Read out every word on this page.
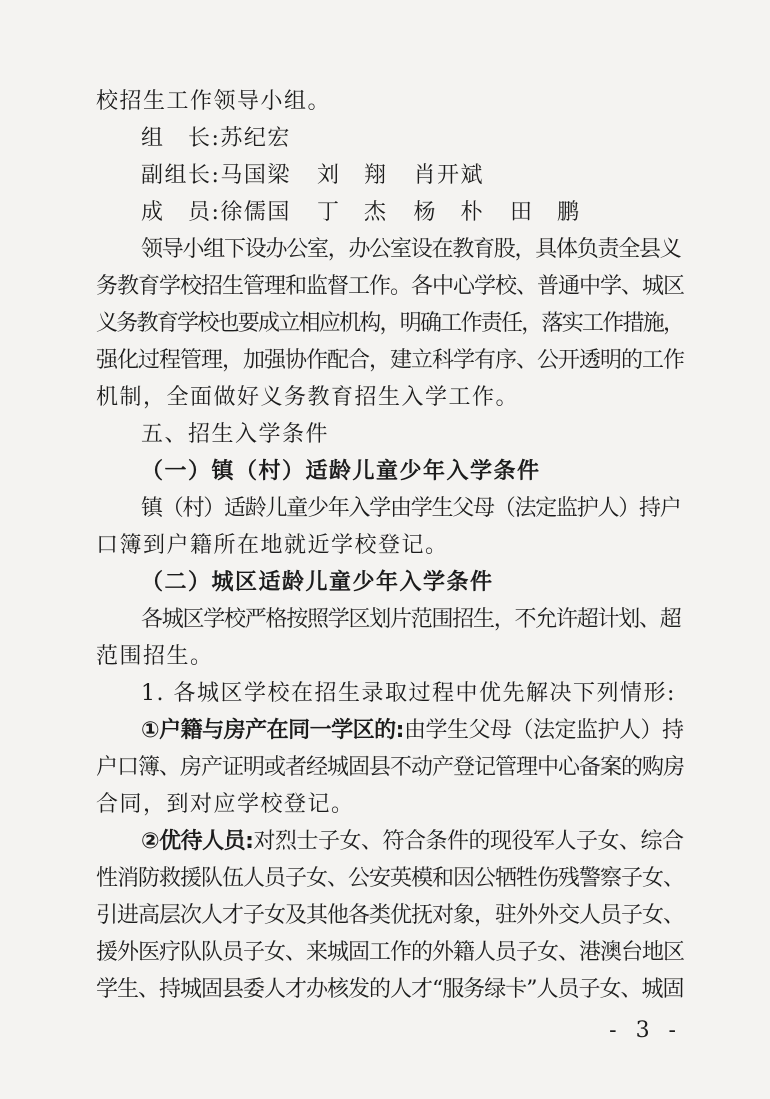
校招生工作领导小组。
组　长:苏纪宏
副组长:马国梁 刘　翔 肖开斌
成　员:徐儒国 丁　杰 杨　朴 田　鹏
领导小组下设办公室，办公室设在教育股，具体负责全县义
务教育学校招生管理和监督工作。各中心学校、普通中学、城区
义务教育学校也要成立相应机构，明确工作责任，落实工作措施，
强化过程管理，加强协作配合，建立科学有序、公开透明的工作
机制，全面做好义务教育招生入学工作。
五、招生入学条件
（一）镇（村）适龄儿童少年入学条件
镇（村）适龄儿童少年入学由学生父母（法定监护人）持户
口簿到户籍所在地就近学校登记。
（二）城区适龄儿童少年入学条件
各城区学校严格按照学区划片范围招生，不允许超计划、超
范围招生。
1. 各城区学校在招生录取过程中优先解决下列情形:
①户籍与房产在同一学区的:由学生父母（法定监护人）持
户口簿、房产证明或者经城固县不动产登记管理中心备案的购房
合同，到对应学校登记。
②优待人员:对烈士子女、符合条件的现役军人子女、综合
性消防救援队伍人员子女、公安英模和因公牺牲伤残警察子女、
引进高层次人才子女及其他各类优抚对象，驻外外交人员子女、
援外医疗队队员子女、来城固工作的外籍人员子女、港澳台地区
学生、持城固县委人才办核发的人才“服务绿卡”人员子女、城固
- 3 -
